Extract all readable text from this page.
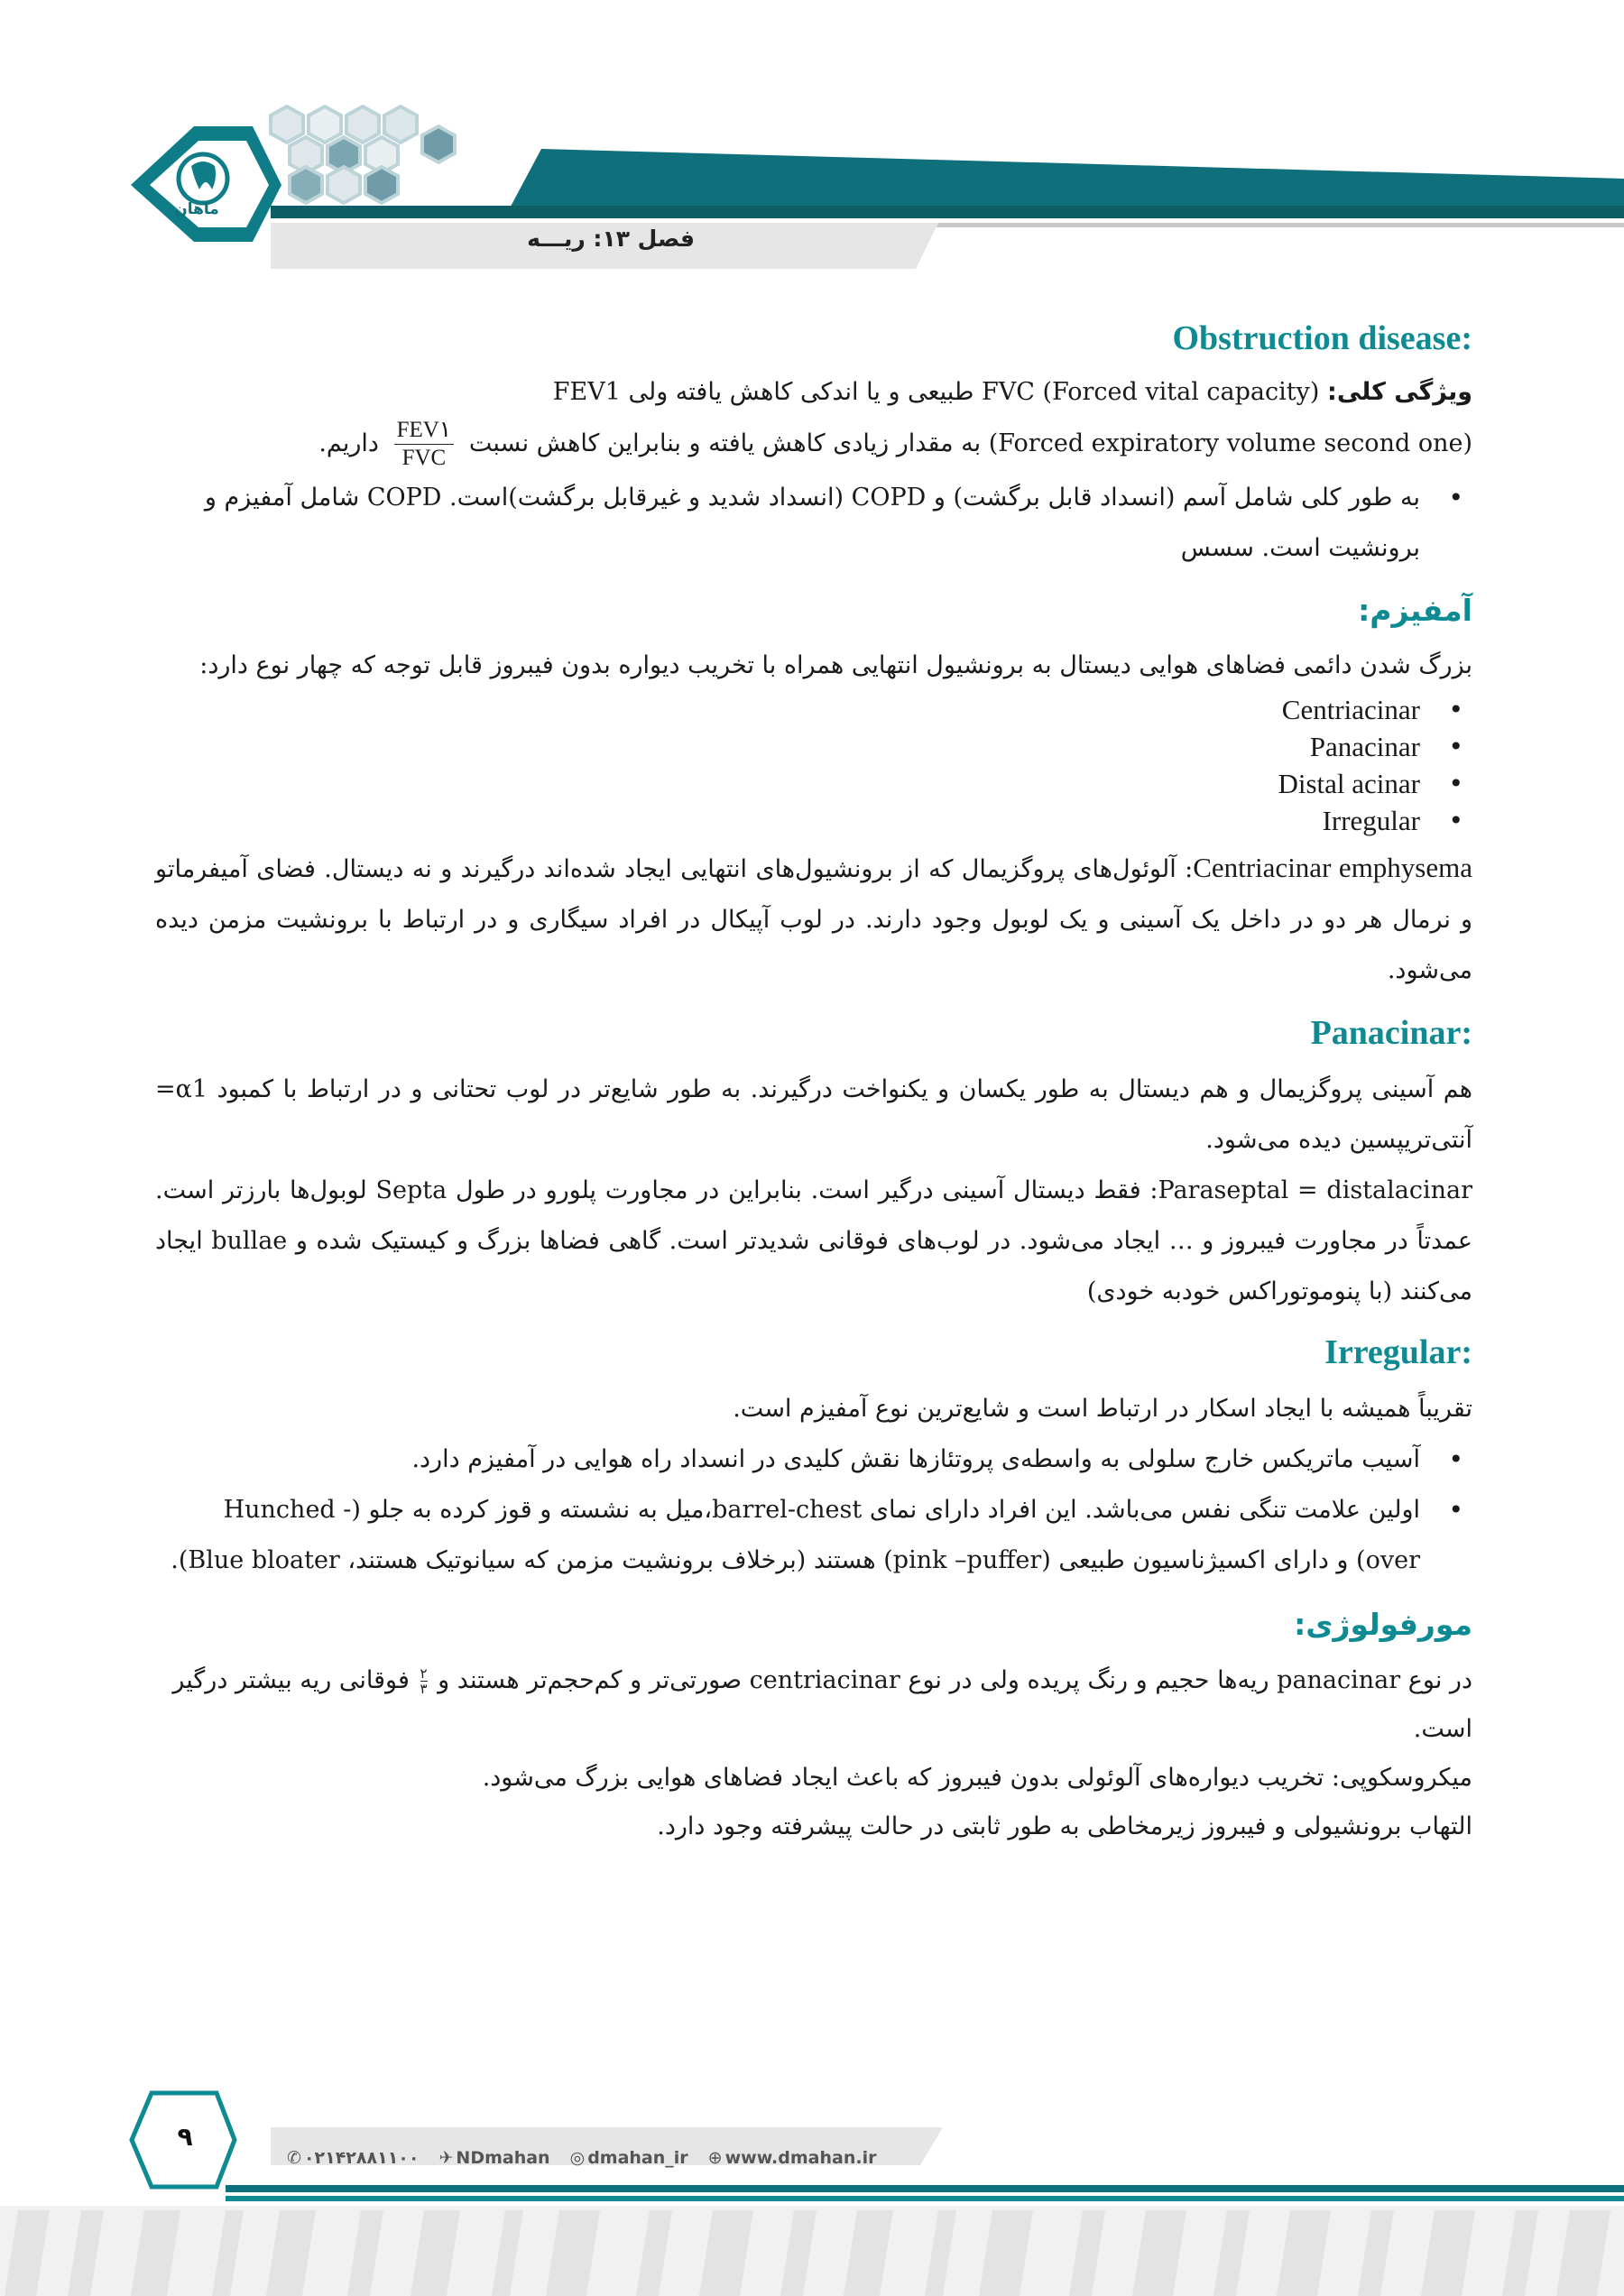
ماهان
فصل ۱۳: ریـــه
:Obstruction disease

ویژگی کلی: FVC (Forced vital capacity) طبیعی و یا اندکی کاهش یافته ولی FEV1

(Forced expiratory volume second one) به مقدار زیادی کاهش یافته و بنابراین کاهش نسبت
$\frac{\text{FEV۱}}{\text{FVC}}$
داریم.

• به طور کلی شامل آسم (انسداد قابل برگشت) و COPD (انسداد شدید و غیرقابل برگشت)است. COPD شامل آمفیزم و برونشیت است. سسس
آمفیزم:

بزرگ شدن دائمی فضاهای هوایی دیستال به برونشیول انتهایی همراه با تخریب دیواره بدون فیبروز قابل توجه که چهار نوع دارد:

• Centriacinar
• Panacinar
• Distal acinar
• Irregular

Centriacinar emphysema: آلوئول‌های پروگزیمال که از برونشیول‌های انتهایی ایجاد شده‌اند درگیرند و نه دیستال. فضای آمیفرماتو و نرمال هر دو در داخل یک آسینی و یک لوبول وجود دارند. در لوب آپیکال در افراد سیگاری و در ارتباط با برونشیت مزمن دیده می‌شود.

:Panacinar

هم آسینی پروگزیمال و هم دیستال به طور یکسان و یکنواخت درگیرند. به طور شایع‌تر در لوب تحتانی و در ارتباط با کمبود α1= آنتی‌تریپسین دیده می‌شود.

Paraseptal = distalacinar: فقط دیستال آسینی درگیر است. بنابراین در مجاورت پلورو در طول Septa لوبول‌ها بارزتر است. عمدتاً در مجاورت فیبروز و … ایجاد می‌شود. در لوب‌های فوقانی شدیدتر است. گاهی فضاها بزرگ و کیستیک شده و bullae ایجاد می‌کنند (با پنوموتوراکس خودبه خودی)

:Irregular

تقریباً همیشه با ایجاد اسکار در ارتباط است و شایع‌ترین نوع آمفیزم است.

• آسیب ماتریکس خارج سلولی به واسطه‌ی پروتئازها نقش کلیدی در انسداد راه هوایی در آمفیزم دارد.
• اولین علامت تنگی نفس می‌باشد. این افراد دارای نمای barrel-chest،میل به نشسته و قوز کرده به جلو (Hunched - over) و دارای اکسیژناسیون طبیعی (pink –puffer) هستند (برخلاف برونشیت مزمن که سیانوتیک هستند، Blue bloater).
مورفولوژی:

در نوع panacinar ریه‌ها حجیم و رنگ پریده ولی در نوع centriacinar صورتی‌تر و کم‌حجم‌تر هستند و
$\frac{۲}{۳}$ فوقانی ریه بیشتر درگیر است.

میکروسکوپی: تخریب دیواره‌های آلوئولی بدون فیبروز که باعث ایجاد فضاهای هوایی بزرگ می‌شود.

التهاب برونشیولی و فیبروز زیرمخاطی به طور ثابتی در حالت پیشرفته وجود دارد.

۹
✆ ۰۲۱۴۲۸۸۱۱۰۰ ✈ NDmahan ◎ dmahan_ir ⊕ www.dmahan.ir
